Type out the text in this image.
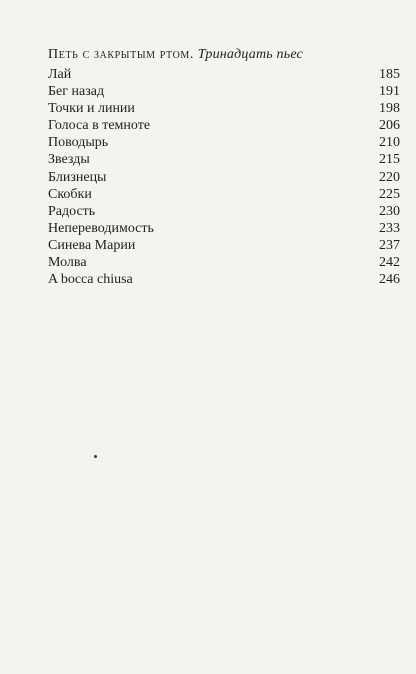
Петь с закрытым ртом. Тринадцать пьес
Лай	185
Бег назад	191
Точки и линии	198
Голоса в темноте	206
Поводырь	210
Звезды	215
Близнецы	220
Скобки	225
Радость	230
Непереводимость	233
Синева Марии	237
Молва	242
A bocca chiusa	246
